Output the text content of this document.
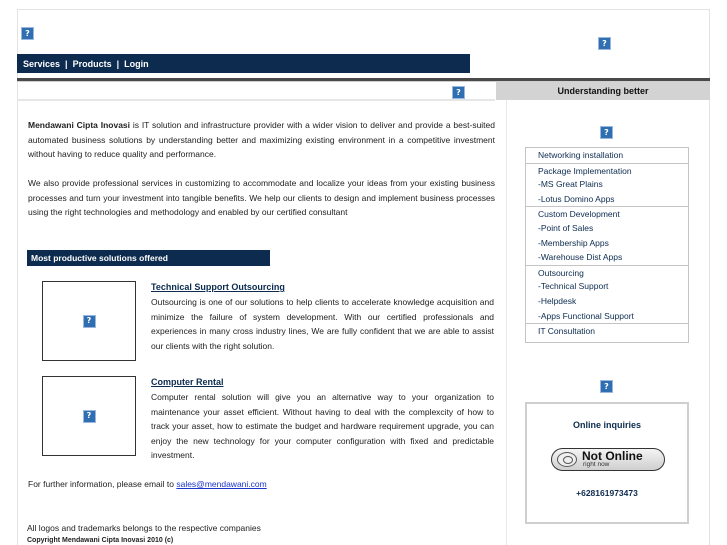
?
?
Services | Products | Login
Understanding better
?

Mendawani Cipta Inovasi is IT solution and infrastructure provider with a wider vision to deliver and provide a best-suited automated business solutions by understanding better and maximizing existing environment in a competitive investment without having to reduce quality and performance.

We also provide professional services in customizing to accommodate and localize your ideas from your existing business processes and turn your investment into tangible benefits. We help our clients to design and implement business processes using the right technologies and methodology and enabled by our certified consultant

Most productive solutions offered
?
Technical Support Outsourcing
Outsourcing is one of our solutions to help clients to accelerate knowledge acquisition and minimize the failure of system development. With our certified professionals and experiences in many cross industry lines, We are fully confident that we are able to assist our clients with the right solution.
?
Computer Rental
Computer rental solution will give you an alternative way to your organization to maintenance your asset efficient. Without having to deal with the complexcity of how to track your asset, how to estimate the budget and hardware requirement upgrade, you can enjoy the new technology for your computer configuration with fixed and predictable investment.
For further information, please email to sales@mendawani.com
?
Networking installation
Package Implementation
-MS Great Plains
-Lotus Domino Apps
Custom Development
-Point of Sales
-Membership Apps
-Warehouse Dist Apps
Outsourcing
-Technical Support
-Helpdesk
-Apps Functional Support
IT Consultation
?
Online inquiries
Not Online
right now
+628161973473
All logos and trademarks belongs to the respective companies
Copyright Mendawani Cipta Inovasi 2010 (c)
